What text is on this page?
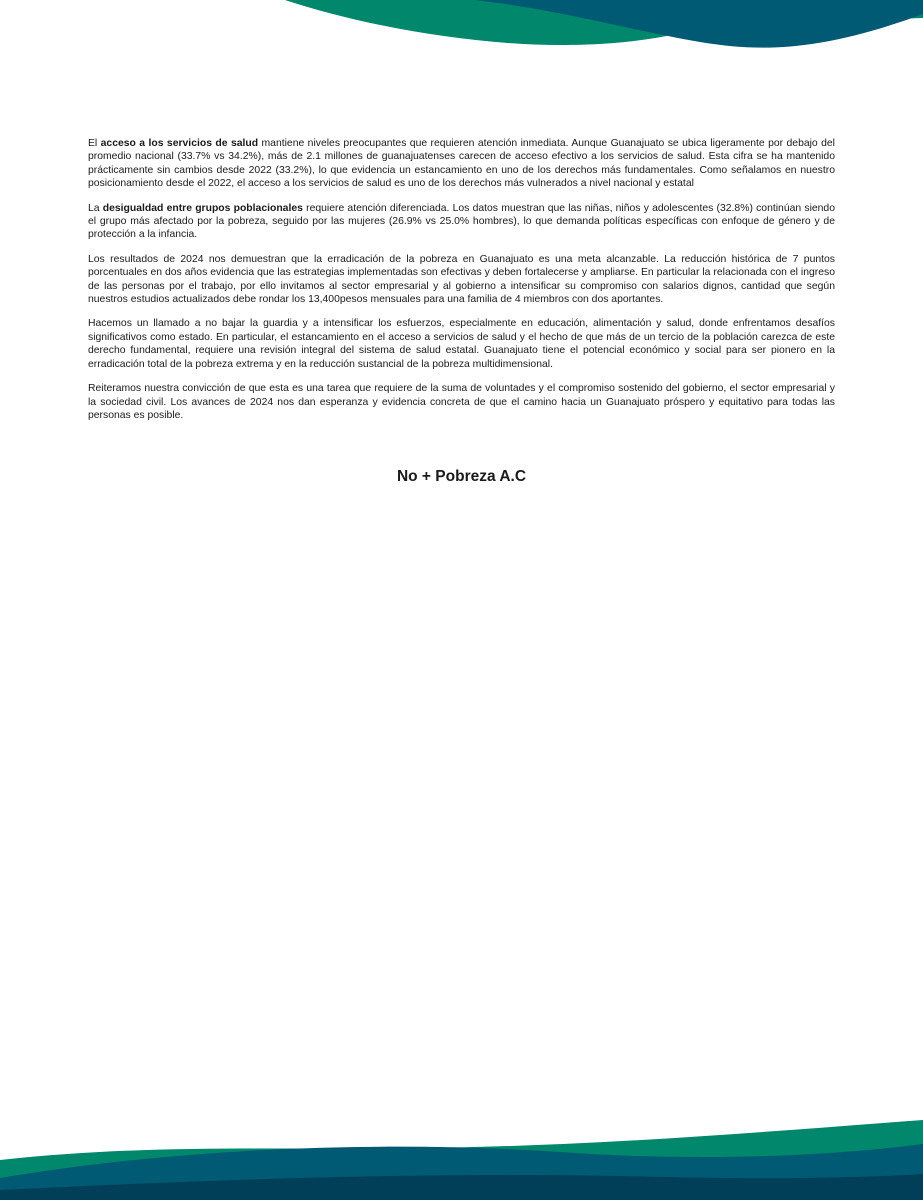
El acceso a los servicios de salud mantiene niveles preocupantes que requieren atención inmediata. Aunque Guanajuato se ubica ligeramente por debajo del promedio nacional (33.7% vs 34.2%), más de 2.1 millones de guanajuatenses carecen de acceso efectivo a los servicios de salud. Esta cifra se ha mantenido prácticamente sin cambios desde 2022 (33.2%), lo que evidencia un estancamiento en uno de los derechos más fundamentales. Como señalamos en nuestro posicionamiento desde el 2022, el acceso a los servicios de salud es uno de los derechos más vulnerados a nivel nacional y estatal

La desigualdad entre grupos poblacionales requiere atención diferenciada. Los datos muestran que las niñas, niños y adolescentes (32.8%) continúan siendo el grupo más afectado por la pobreza, seguido por las mujeres (26.9% vs 25.0% hombres), lo que demanda políticas específicas con enfoque de género y de protección a la infancia.

Los resultados de 2024 nos demuestran que la erradicación de la pobreza en Guanajuato es una meta alcanzable. La reducción histórica de 7 puntos porcentuales en dos años evidencia que las estrategias implementadas son efectivas y deben fortalecerse y ampliarse. En particular la relacionada con el ingreso de las personas por el trabajo, por ello invitamos al sector empresarial y al gobierno a intensificar su compromiso con salarios dignos, cantidad que según nuestros estudios actualizados debe rondar los 13,400pesos mensuales para una familia de 4 miembros con dos aportantes.

Hacemos un llamado a no bajar la guardia y a intensificar los esfuerzos, especialmente en educación, alimentación y salud, donde enfrentamos desafíos significativos como estado. En particular, el estancamiento en el acceso a servicios de salud y el hecho de que más de un tercio de la población carezca de este derecho fundamental, requiere una revisión integral del sistema de salud estatal. Guanajuato tiene el potencial económico y social para ser pionero en la erradicación total de la pobreza extrema y en la reducción sustancial de la pobreza multidimensional.

Reiteramos nuestra convicción de que esta es una tarea que requiere de la suma de voluntades y el compromiso sostenido del gobierno, el sector empresarial y la sociedad civil. Los avances de 2024 nos dan esperanza y evidencia concreta de que el camino hacia un Guanajuato próspero y equitativo para todas las personas es posible.

No + Pobreza A.C
